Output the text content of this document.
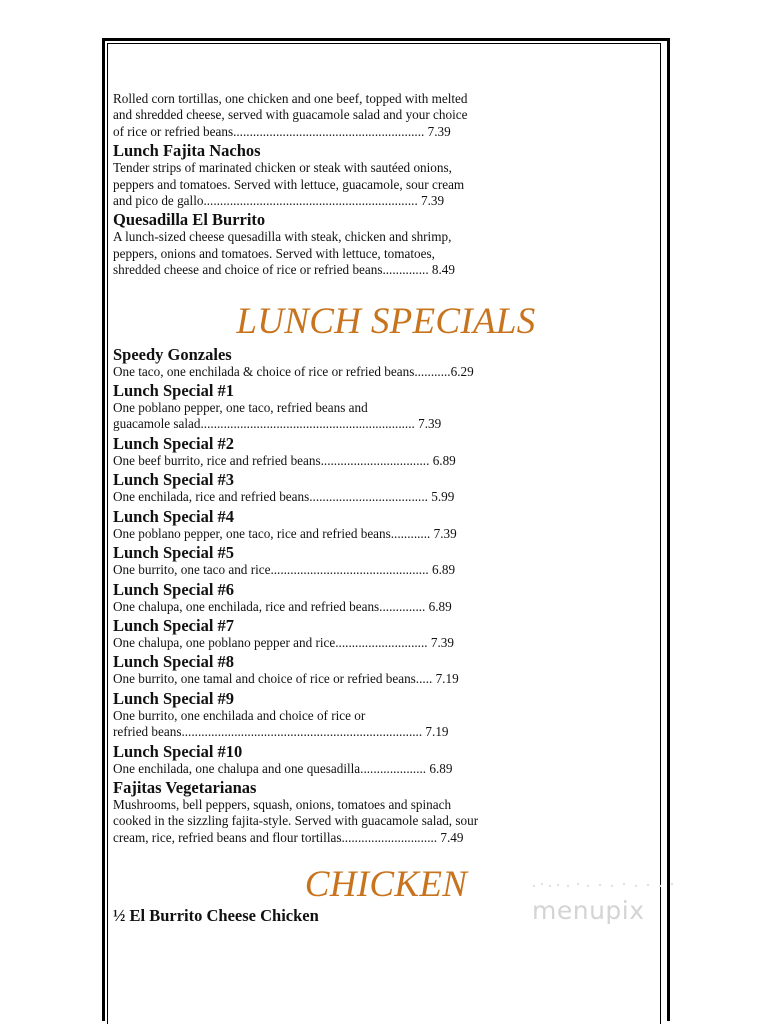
Rolled corn tortillas, one chicken and one beef, topped with melted

and shredded cheese, served with guacamole salad and your choice

of rice or refried beans.......................................................... 7.39

Lunch Fajita Nachos

Tender strips of marinated chicken or steak with sautéed onions,

peppers and tomatoes. Served with lettuce, guacamole, sour cream

and pico de gallo................................................................. 7.39

Quesadilla El Burrito

A lunch-sized cheese quesadilla with steak, chicken and shrimp,

peppers, onions and tomatoes. Served with lettuce, tomatoes,

shredded cheese and choice of rice or refried beans.............. 8.49

LUNCH SPECIALS

Speedy Gonzales

One taco, one enchilada & choice of rice or refried beans...........6.29

Lunch Special #1

One poblano pepper, one taco, refried beans and

guacamole salad................................................................. 7.39

Lunch Special #2

One beef burrito, rice and refried beans................................. 6.89

Lunch Special #3

One enchilada, rice and refried beans.................................... 5.99

Lunch Special #4

One poblano pepper, one taco, rice and refried beans............ 7.39

Lunch Special #5

One burrito, one taco and rice................................................ 6.89

Lunch Special #6

One chalupa, one enchilada, rice and refried beans.............. 6.89

Lunch Special #7

One chalupa, one poblano pepper and rice............................ 7.39

Lunch Special #8

One burrito, one tamal and choice of rice or refried beans..... 7.19

Lunch Special #9

One burrito, one enchilada and choice of rice or

refried beans......................................................................... 7.19

Lunch Special #10

One enchilada, one chalupa and one quesadilla.................... 6.89

Fajitas Vegetarianas

Mushrooms, bell peppers, squash, onions, tomatoes and spinach

cooked in the sizzling fajita-style. Served with guacamole salad, sour

cream, rice, refried beans and flour tortillas............................. 7.49

CHICKEN

½ El Burrito Cheese Chicken	menupix
